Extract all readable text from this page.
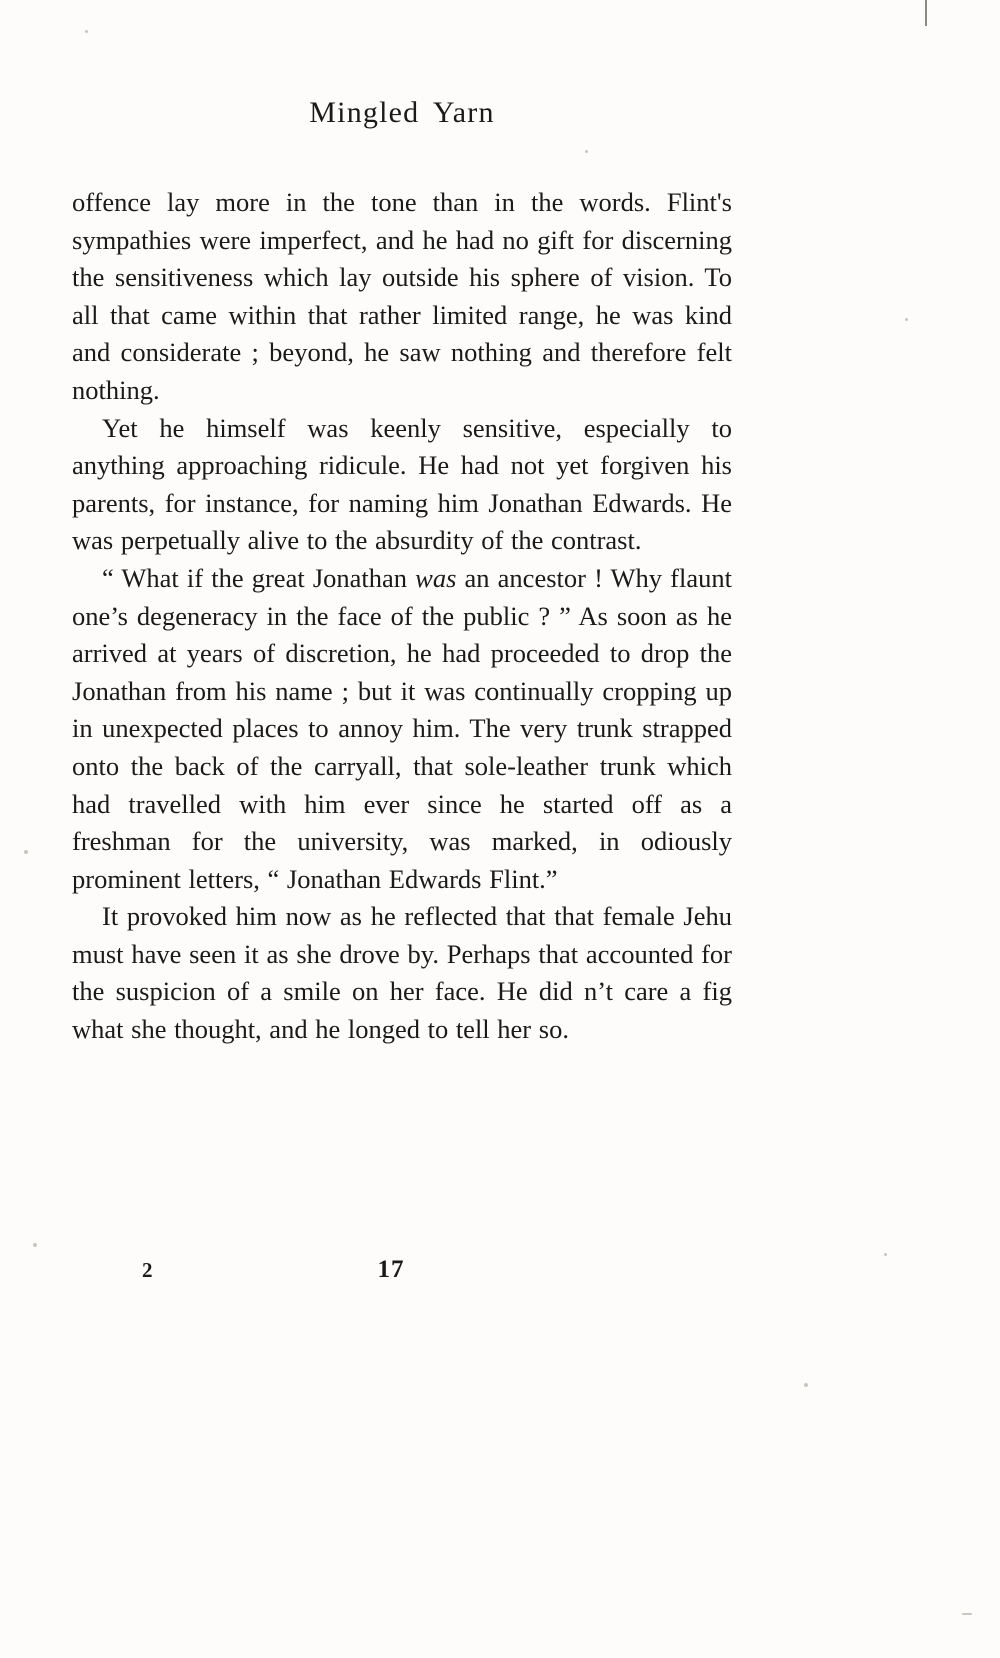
Mingled Yarn

offence lay more in the tone than in the words. Flint's sympathies were imperfect, and he had no gift for discerning the sensitiveness which lay outside his sphere of vision. To all that came within that rather limited range, he was kind and considerate ; beyond, he saw nothing and therefore felt nothing.

Yet he himself was keenly sensitive, especially to anything approaching ridicule. He had not yet forgiven his parents, for instance, for naming him Jonathan Edwards. He was perpetually alive to the absurdity of the contrast.

“ What if the great Jonathan was an ancestor ! Why flaunt one’s degeneracy in the face of the public ? ” As soon as he arrived at years of discretion, he had proceeded to drop the Jonathan from his name ; but it was continually cropping up in unexpected places to annoy him. The very trunk strapped onto the back of the carryall, that sole-leather trunk which had travelled with him ever since he started off as a freshman for the university, was marked, in odiously prominent letters, “ Jonathan Edwards Flint.”

It provoked him now as he reflected that that female Jehu must have seen it as she drove by. Perhaps that accounted for the suspicion of a smile on her face. He did n’t care a fig what she thought, and he longed to tell her so.

2	17
